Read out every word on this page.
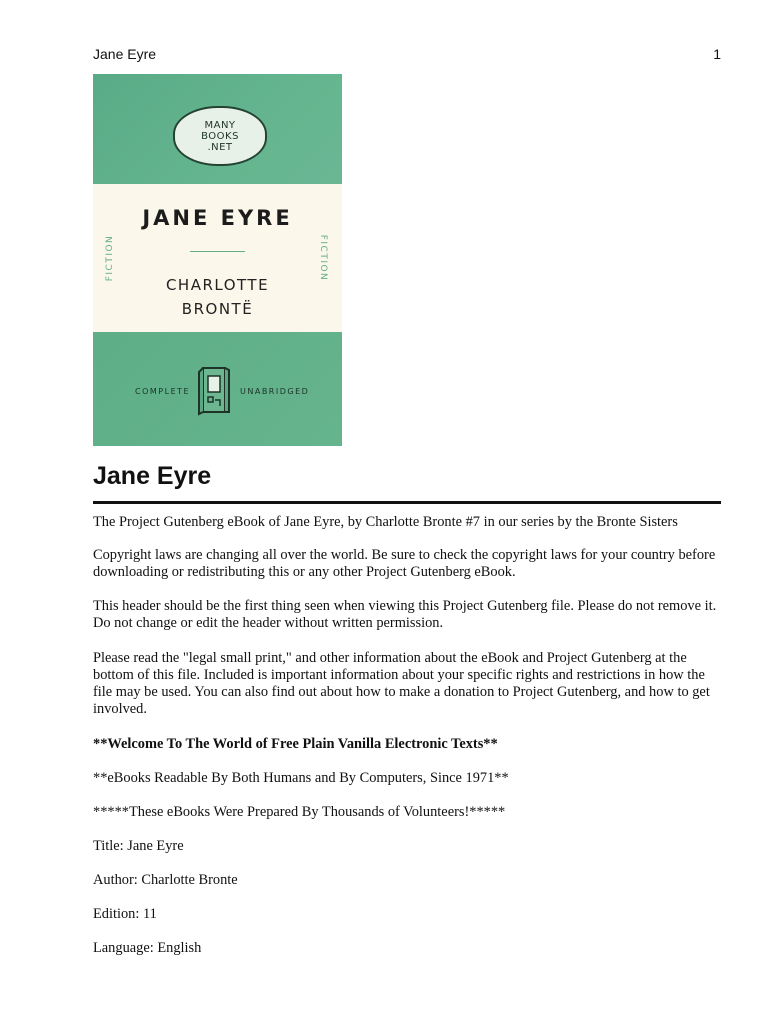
Jane Eyre	1
MANY
BOOKS
.NET
JANE EYRE
CHARLOTTE
BRONTË
FICTION	FICTION
COMPLETE	UNABRIDGED
Jane Eyre

The Project Gutenberg eBook of Jane Eyre, by Charlotte Bronte #7 in our series by the Bronte Sisters

Copyright laws are changing all over the world. Be sure to check the copyright laws for your country before downloading or redistributing this or any other Project Gutenberg eBook.

This header should be the first thing seen when viewing this Project Gutenberg file. Please do not remove it. Do not change or edit the header without written permission.

Please read the "legal small print," and other information about the eBook and Project Gutenberg at the bottom of this file. Included is important information about your specific rights and restrictions in how the file may be used. You can also find out about how to make a donation to Project Gutenberg, and how to get involved.

**Welcome To The World of Free Plain Vanilla Electronic Texts**

**eBooks Readable By Both Humans and By Computers, Since 1971**

*****These eBooks Were Prepared By Thousands of Volunteers!*****

Title: Jane Eyre

Author: Charlotte Bronte

Edition: 11

Language: English
